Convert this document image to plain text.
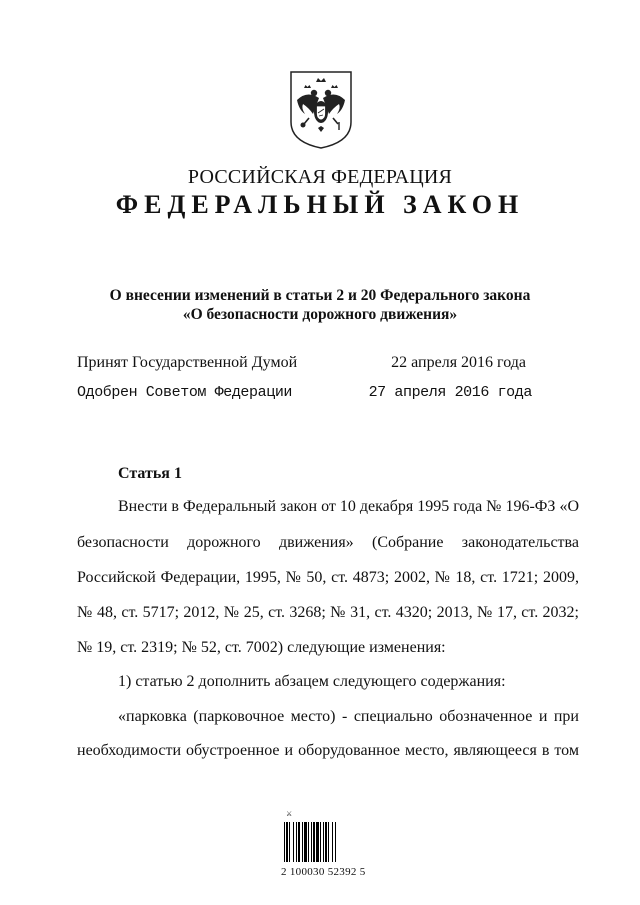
РОССИЙСКАЯ ФЕДЕРАЦИЯ
ФЕДЕРАЛЬНЫЙ ЗАКОН
О внесении изменений в статьи 2 и 20 Федерального закона
«О безопасности дорожного движения»
Принят Государственной Думой	22 апреля 2016 года
Одобрен Советом Федерации	27 апреля 2016 года
Статья 1
Внести в Федеральный закон от 10 декабря 1995 года № 196-ФЗ «О
безопасности дорожного движения» (Собрание законодательства
Российской Федерации, 1995, № 50, ст. 4873; 2002, № 18, ст. 1721; 2009,
№ 48, ст. 5717; 2012, № 25, ст. 3268; № 31, ст. 4320; 2013, № 17, ст. 2032;
№ 19, ст. 2319; № 52, ст. 7002) следующие изменения:
1) статью 2 дополнить абзацем следующего содержания:
«парковка (парковочное место) - специально обозначенное и при
необходимости обустроенное и оборудованное место, являющееся в том
⚔
2 100030 52392 5
